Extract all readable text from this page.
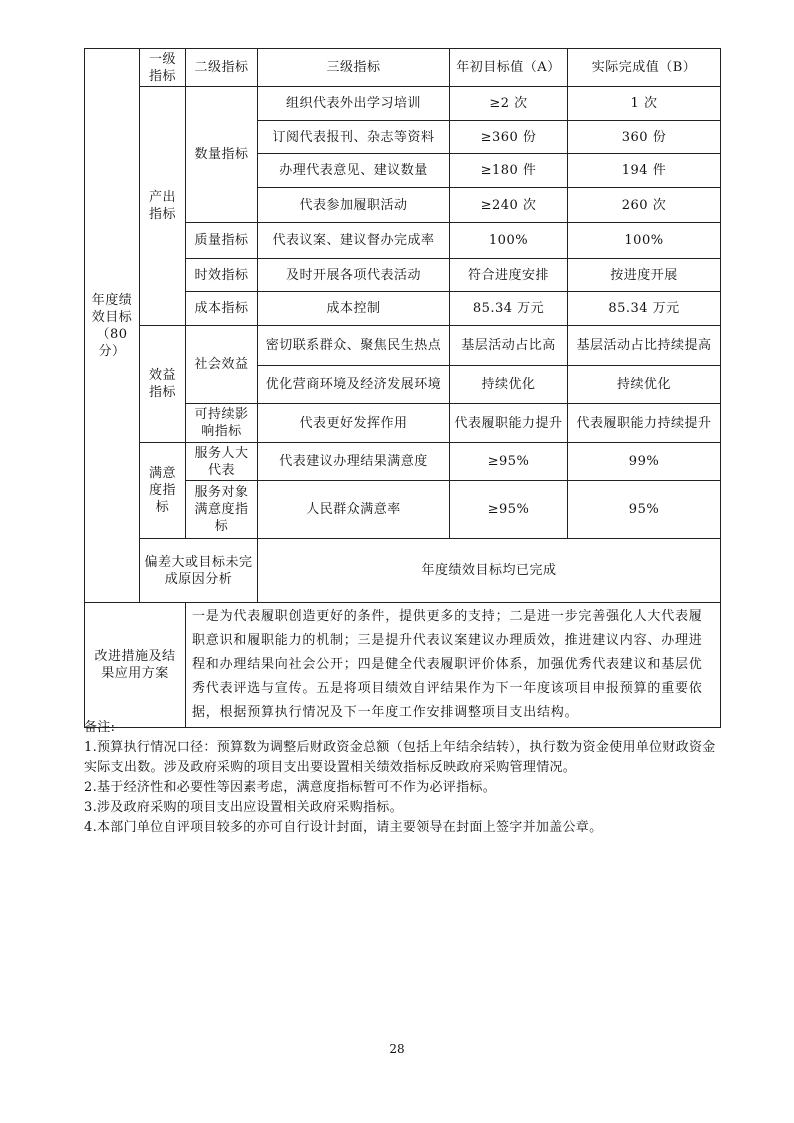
年度绩效目标（80分）	一级指标	二级指标	三级指标	年初目标值（A）	实际完成值（B）
	产出指标	数量指标	组织代表外出学习培训	≥2 次	1 次
			订阅代表报刊、杂志等资料	≥360 份	360 份
			办理代表意见、建议数量	≥180 件	194 件
			代表参加履职活动	≥240 次	260 次
		质量指标	代表议案、建议督办完成率	100%	100%
		时效指标	及时开展各项代表活动	符合进度安排	按进度开展
		成本指标	成本控制	85.34 万元	85.34 万元
	效益指标	社会效益	密切联系群众、聚焦民生热点	基层活动占比高	基层活动占比持续提高
			优化营商环境及经济发展环境	持续优化	持续优化
		可持续影响指标	代表更好发挥作用	代表履职能力提升	代表履职能力持续提升
	满意度指标	服务人大代表	代表建议办理结果满意度	≥95%	99%
		服务对象满意度指标	人民群众满意率	≥95%	95%
	偏差大或目标未完成原因分析		年度绩效目标均已完成		
改进措施及结果应用方案		一是为代表履职创造更好的条件，提供更多的支持；二是进一步完善强化人大代表履职意识和履职能力的机制；三是提升代表议案建议办理质效，推进建议内容、办理进程和办理结果向社会公开；四是健全代表履职评价体系，加强优秀代表建议和基层优秀代表评选与宣传。五是将项目绩效自评结果作为下一年度该项目申报预算的重要依据，根据预算执行情况及下一年度工作安排调整项目支出结构。			
备注:
1.预算执行情况口径：预算数为调整后财政资金总额（包括上年结余结转），执行数为资金使用单位财政资金实际支出数。涉及政府采购的项目支出要设置相关绩效指标反映政府采购管理情况。
2.基于经济性和必要性等因素考虑，满意度指标暂可不作为必评指标。
3.涉及政府采购的项目支出应设置相关政府采购指标。
4.本部门单位自评项目较多的亦可自行设计封面，请主要领导在封面上签字并加盖公章。
28
